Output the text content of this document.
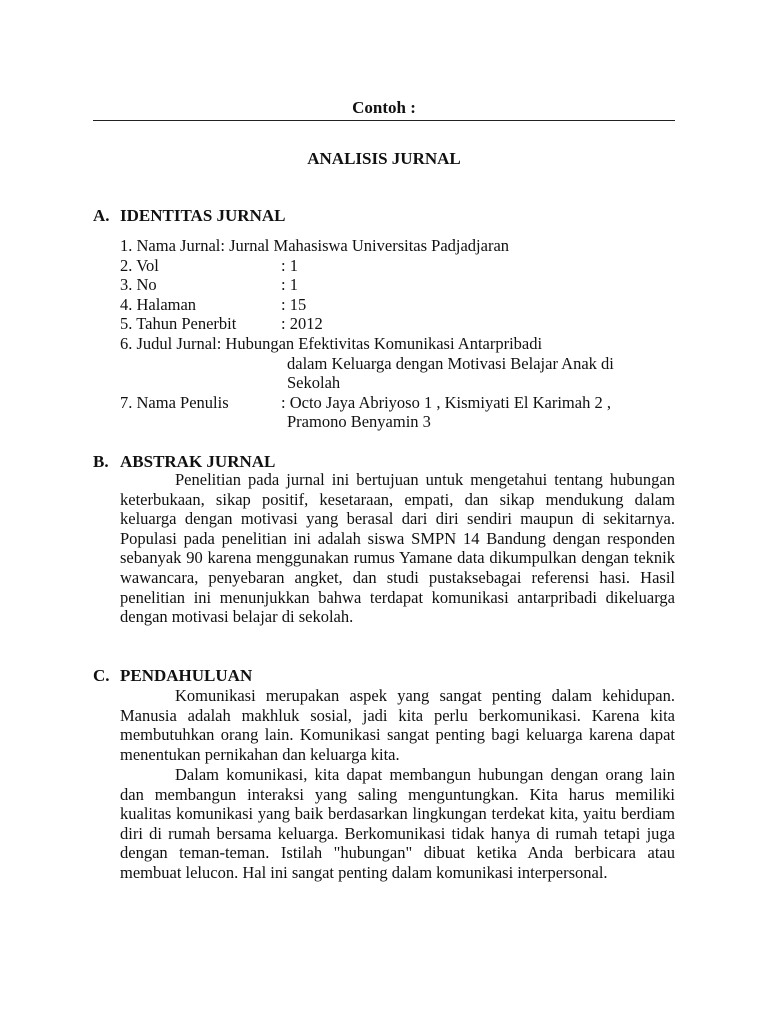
Contoh :
ANALISIS JURNAL
A. IDENTITAS JURNAL
1. Nama Jurnal: Jurnal Mahasiswa Universitas Padjadjaran
2. Vol	: 1
3. No	: 1
4. Halaman	: 15
5. Tahun Penerbit	: 2012
6. Judul Jurnal: Hubungan Efektivitas Komunikasi Antarpribadi
dalam Keluarga dengan Motivasi Belajar Anak di
Sekolah
7. Nama Penulis	: Octo Jaya Abriyoso 1 , Kismiyati El Karimah 2 ,
Pramono Benyamin 3
B. ABSTRAK JURNAL

Penelitian pada jurnal ini bertujuan untuk mengetahui tentang hubungan keterbukaan, sikap positif, kesetaraan, empati, dan sikap mendukung dalam keluarga dengan motivasi yang berasal dari diri sendiri maupun di sekitarnya. Populasi pada penelitian ini adalah siswa SMPN 14 Bandung dengan responden sebanyak 90 karena menggunakan rumus Yamane data dikumpulkan dengan teknik wawancara, penyebaran angket, dan studi pustaksebagai referensi hasi. Hasil penelitian ini menunjukkan bahwa terdapat komunikasi antarpribadi dikeluarga dengan motivasi belajar di sekolah.

C. PENDAHULUAN

Komunikasi merupakan aspek yang sangat penting dalam kehidupan. Manusia adalah makhluk sosial, jadi kita perlu berkomunikasi. Karena kita membutuhkan orang lain. Komunikasi sangat penting bagi keluarga karena dapat menentukan pernikahan dan keluarga kita.

Dalam komunikasi, kita dapat membangun hubungan dengan orang lain dan membangun interaksi yang saling menguntungkan. Kita harus memiliki kualitas komunikasi yang baik berdasarkan lingkungan terdekat kita, yaitu berdiam diri di rumah bersama keluarga. Berkomunikasi tidak hanya di rumah tetapi juga dengan teman-teman. Istilah "hubungan" dibuat ketika Anda berbicara atau membuat lelucon. Hal ini sangat penting dalam komunikasi interpersonal.
